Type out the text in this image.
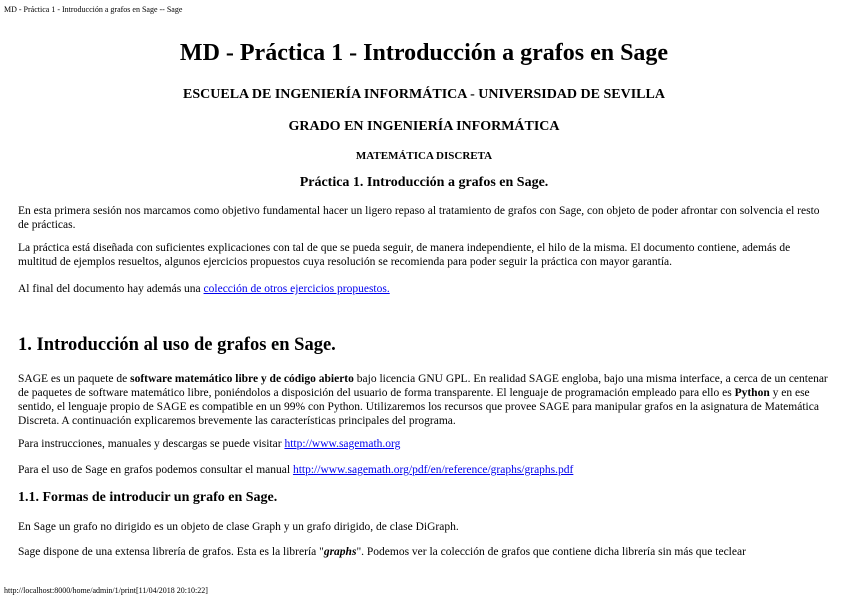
MD - Práctica 1 - Introducción a grafos en Sage -- Sage
MD - Práctica 1 - Introducción a grafos en Sage
ESCUELA DE INGENIERÍA INFORMÁTICA - UNIVERSIDAD DE SEVILLA
GRADO EN INGENIERÍA INFORMÁTICA
MATEMÁTICA DISCRETA
Práctica 1. Introducción a grafos en Sage.

En esta primera sesión nos marcamos como objetivo fundamental hacer un ligero repaso al tratamiento de grafos con Sage, con objeto de poder afrontar con solvencia el resto de prácticas.

La práctica está diseñada con suficientes explicaciones con tal de que se pueda seguir, de manera independiente, el hilo de la misma. El documento contiene, además de multitud de ejemplos resueltos, algunos ejercicios propuestos cuya resolución se recomienda para poder seguir la práctica con mayor garantía.

Al final del documento hay además una colección de otros ejercicios propuestos.

1. Introducción al uso de grafos en Sage.

SAGE es un paquete de software matemático libre y de código abierto bajo licencia GNU GPL. En realidad SAGE engloba, bajo una misma interface, a cerca de un centenar de paquetes de software matemático libre, poniéndolos a disposición del usuario de forma transparente. El lenguaje de programación empleado para ello es Python y en ese sentido, el lenguaje propio de SAGE es compatible en un 99% con Python. Utilizaremos los recursos que provee SAGE para manipular grafos en la asignatura de Matemática Discreta. A continuación explicaremos brevemente las características principales del programa.

Para instrucciones, manuales y descargas se puede visitar http://www.sagemath.org

Para el uso de Sage en grafos podemos consultar el manual http://www.sagemath.org/pdf/en/reference/graphs/graphs.pdf

1.1. Formas de introducir un grafo en Sage.

En Sage un grafo no dirigido es un objeto de clase Graph y un grafo dirigido, de clase DiGraph.

Sage dispone de una extensa librería de grafos. Esta es la librería "graphs". Podemos ver la colección de grafos que contiene dicha librería sin más que teclear

http://localhost:8000/home/admin/1/print[11/04/2018 20:10:22]
